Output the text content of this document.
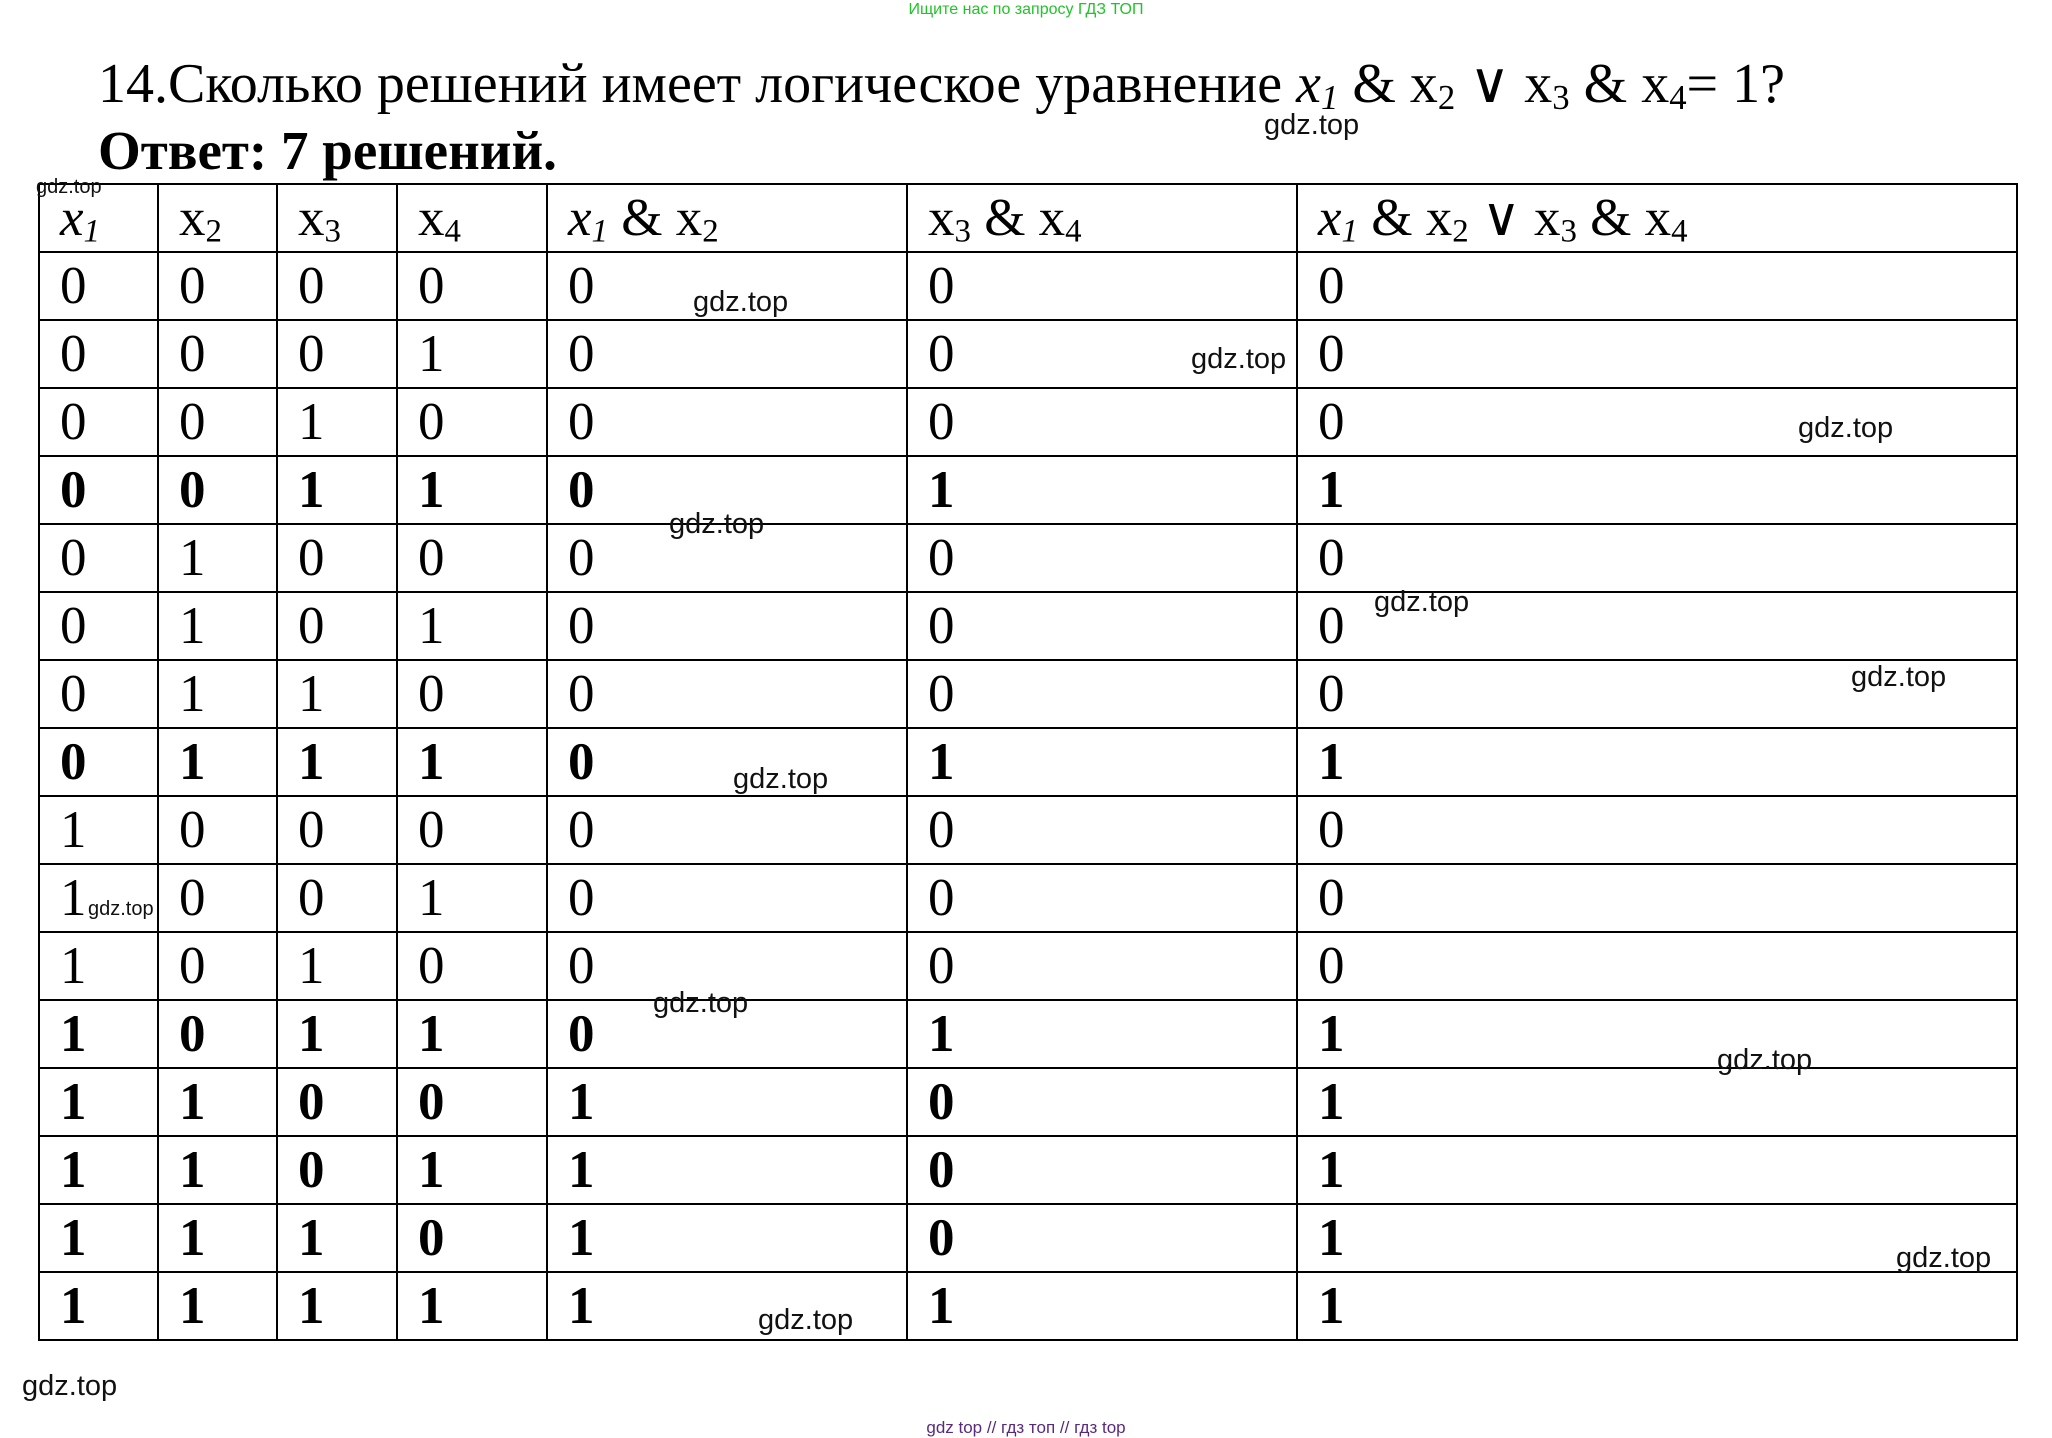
Ищите нас по запросу ГДЗ ТОП
14.Сколько решений имеет логическое уравнение $x_1$ & $x_2$ ∨ $x_3$ & $x_4= 1$?
Ответ: 7 решений.
$x_1$	$x_2$	$x_3$	$x_4$	$x_1$ & $x_2$	$x_3$ & $x_4$	$x_1$ & $x_2$ ∨ $x_3$ & $x_4$
0	0	0	0	0	0	0
0	0	0	1	0	0	0
0	0	1	0	0	0	0
0	0	1	1	0	1	1
0	1	0	0	0	0	0
0	1	0	1	0	0	0
0	1	1	0	0	0	0
0	1	1	1	0	1	1
1	0	0	0	0	0	0
1	0	0	1	0	0	0
1	0	1	0	0	0	0
1	0	1	1	0	1	1
1	1	0	0	1	0	1
1	1	0	1	1	0	1
1	1	1	0	1	0	1
1	1	1	1	1	1	1
gdz.top
gdz.top
gdz.top
gdz.top
gdz.top
gdz.top
gdz.top
gdz.top
gdz.top
gdz.top
gdz.top
gdz.top
gdz.top
gdz.top
gdz.top
gdz top // гдз топ // гдз top
